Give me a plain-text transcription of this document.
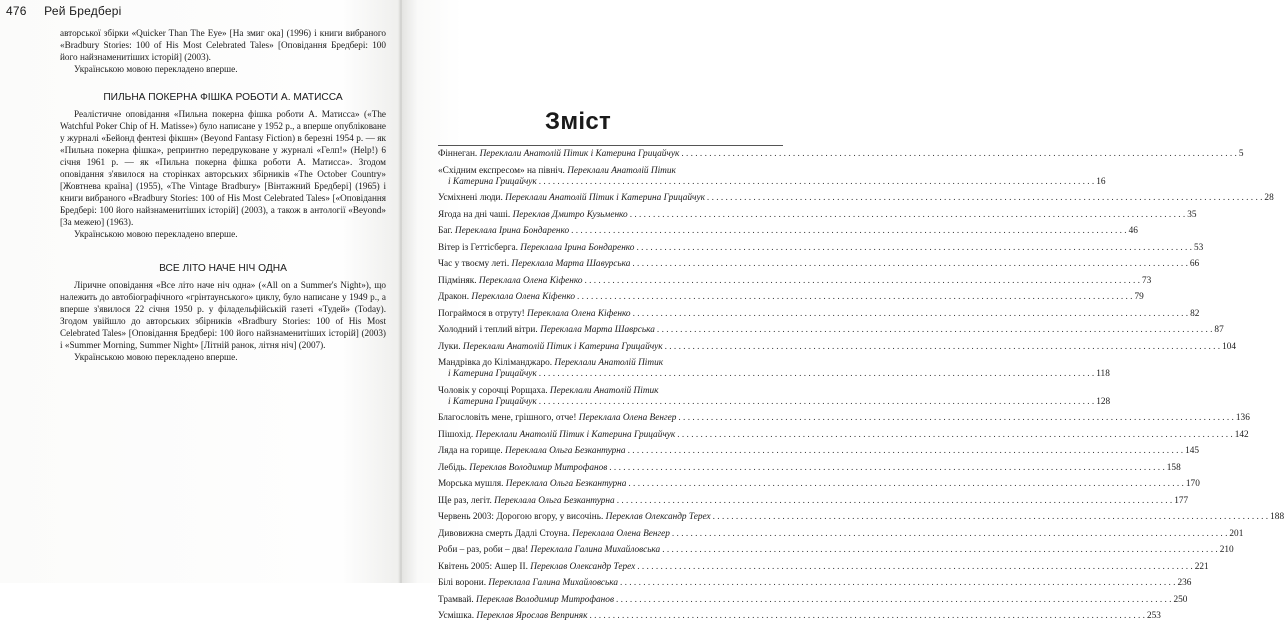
476 Рей Бредбері

авторської збірки «Quicker Than The Eye» [На змиг ока] (1996) і книги вибраного «Bradbury Stories: 100 of His Most Celebrated Tales» [Оповідання Бредбері: 100 його найзнаменитіших історій] (2003).

Українською мовою перекладено вперше.

ПИЛЬНА ПОКЕРНА ФІШКА РОБОТИ А. МАТИССА

Реалістичне оповідання «Пильна покерна фішка роботи А. Матисса» («The Watchful Poker Chip of H. Matisse») було написане у 1952 р., а вперше опубліковане у журналі «Бейонд фентезі фікшн» (Beyond Fantasy Fiction) в березні 1954 р. — як «Пильна покерна фішка», репринтно передруковане у журналі «Гелп!» (Help!) 6 січня 1961 р. — як «Пильна покерна фішка роботи А. Матисса». Згодом оповідання з'явилося на сторінках авторських збірників «The October Country» [Жовтнева країна] (1955), «The Vintage Bradbury» [Вінтажний Бредбері] (1965) і книги вибраного «Bradbury Stories: 100 of His Most Celebrated Tales» [«Оповідання Бредбері: 100 його найзнаменитіших історій] (2003), а також в антології «Beyond» [За межею] (1963).

Українською мовою перекладено вперше.

ВСЕ ЛІТО НАЧЕ НІЧ ОДНА

Ліричне оповідання «Все літо наче ніч одна» («All on a Summer's Night»), що належить до автобіографічного «грінтаунського» циклу, було написане у 1949 р., а вперше з'явилося 22 січня 1950 р. у філадельфійській газеті «Тудей» (Today). Згодом увійшло до авторських збірників «Bradbury Stories: 100 of His Most Celebrated Tales» [Оповідання Бредбері: 100 його найзнаменитіших історій] (2003) і «Summer Morning, Summer Night» [Літній ранок, літня ніч] (2007).

Українською мовою перекладено вперше.

Зміст
Фіннеган. Переклали Анатолій Пітик і Катерина Грицайчук . . . . . . . . . . . . . . . . . . . . . . . . . . . . . . . . . . . . . . . . . . . . . . . . . . . . . . . . . . . . . . . . . . . . . . . . . . . . . . . . . . . . . . . . . . . . . . . . . . . . . . . . . . . . . . . . . . . . . . . . 5
«Східним експресом» на північ. Переклали Анатолій Пітик
і Катерина Грицайчук . . . . . . . . . . . . . . . . . . . . . . . . . . . . . . . . . . . . . . . . . . . . . . . . . . . . . . . . . . . . . . . . . . . . . . . . . . . . . . . . . . . . . . . . . . . . . . . . . . . . . . . . . . . . . . . . . . . . . . . . 16
Усміхнені люди. Переклали Анатолій Пітик і Катерина Грицайчук . . . . . . . . . . . . . . . . . . . . . . . . . . . . . . . . . . . . . . . . . . . . . . . . . . . . . . . . . . . . . . . . . . . . . . . . . . . . . . . . . . . . . . . . . . . . . . . . . . . . . . . . . . . . . . . . . . . . . . . . 28
Ягода на дні чаші. Переклав Дмитро Кузьменко . . . . . . . . . . . . . . . . . . . . . . . . . . . . . . . . . . . . . . . . . . . . . . . . . . . . . . . . . . . . . . . . . . . . . . . . . . . . . . . . . . . . . . . . . . . . . . . . . . . . . . . . . . . . . . . . . . . . . . . . 35
Баг. Переклала Ірина Бондаренко . . . . . . . . . . . . . . . . . . . . . . . . . . . . . . . . . . . . . . . . . . . . . . . . . . . . . . . . . . . . . . . . . . . . . . . . . . . . . . . . . . . . . . . . . . . . . . . . . . . . . . . . . . . . . . . . . . . . . . . . 46
Вітер із Геттісберга. Переклала Ірина Бондаренко . . . . . . . . . . . . . . . . . . . . . . . . . . . . . . . . . . . . . . . . . . . . . . . . . . . . . . . . . . . . . . . . . . . . . . . . . . . . . . . . . . . . . . . . . . . . . . . . . . . . . . . . . . . . . . . . . . . . . . . . 53
Час у твоєму леті. Переклала Марта Шавурська . . . . . . . . . . . . . . . . . . . . . . . . . . . . . . . . . . . . . . . . . . . . . . . . . . . . . . . . . . . . . . . . . . . . . . . . . . . . . . . . . . . . . . . . . . . . . . . . . . . . . . . . . . . . . . . . . . . . . . . . 66
Підміняк. Переклала Олена Кіфенко . . . . . . . . . . . . . . . . . . . . . . . . . . . . . . . . . . . . . . . . . . . . . . . . . . . . . . . . . . . . . . . . . . . . . . . . . . . . . . . . . . . . . . . . . . . . . . . . . . . . . . . . . . . . . . . . . . . . . . . . 73
Дракон. Переклала Олена Кіфенко . . . . . . . . . . . . . . . . . . . . . . . . . . . . . . . . . . . . . . . . . . . . . . . . . . . . . . . . . . . . . . . . . . . . . . . . . . . . . . . . . . . . . . . . . . . . . . . . . . . . . . . . . . . . . . . . . . . . . . . . 79
Пограймося в отруту! Переклала Олена Кіфенко . . . . . . . . . . . . . . . . . . . . . . . . . . . . . . . . . . . . . . . . . . . . . . . . . . . . . . . . . . . . . . . . . . . . . . . . . . . . . . . . . . . . . . . . . . . . . . . . . . . . . . . . . . . . . . . . . . . . . . . . 82
Холодний і теплий вітри. Переклала Марта Шаврська . . . . . . . . . . . . . . . . . . . . . . . . . . . . . . . . . . . . . . . . . . . . . . . . . . . . . . . . . . . . . . . . . . . . . . . . . . . . . . . . . . . . . . . . . . . . . . . . . . . . . . . . . . . . . . . . . . . . . . . . 87
Луки. Переклали Анатолій Пітик і Катерина Грицайчук . . . . . . . . . . . . . . . . . . . . . . . . . . . . . . . . . . . . . . . . . . . . . . . . . . . . . . . . . . . . . . . . . . . . . . . . . . . . . . . . . . . . . . . . . . . . . . . . . . . . . . . . . . . . . . . . . . . . . . . . 104
Мандрівка до Кіліманджаро. Переклали Анатолій Пітик
і Катерина Грицайчук . . . . . . . . . . . . . . . . . . . . . . . . . . . . . . . . . . . . . . . . . . . . . . . . . . . . . . . . . . . . . . . . . . . . . . . . . . . . . . . . . . . . . . . . . . . . . . . . . . . . . . . . . . . . . . . . . . . . . . . . 118
Чоловік у сорочці Рорщаха. Переклали Анатолій Пітик
і Катерина Грицайчук . . . . . . . . . . . . . . . . . . . . . . . . . . . . . . . . . . . . . . . . . . . . . . . . . . . . . . . . . . . . . . . . . . . . . . . . . . . . . . . . . . . . . . . . . . . . . . . . . . . . . . . . . . . . . . . . . . . . . . . . 128
Благословіть мене, грішного, отче! Переклала Олена Венгер . . . . . . . . . . . . . . . . . . . . . . . . . . . . . . . . . . . . . . . . . . . . . . . . . . . . . . . . . . . . . . . . . . . . . . . . . . . . . . . . . . . . . . . . . . . . . . . . . . . . . . . . . . . . . . . . . . . . . . . . 136
Пішохід. Переклали Анатолій Пітик і Катерина Грицайчук . . . . . . . . . . . . . . . . . . . . . . . . . . . . . . . . . . . . . . . . . . . . . . . . . . . . . . . . . . . . . . . . . . . . . . . . . . . . . . . . . . . . . . . . . . . . . . . . . . . . . . . . . . . . . . . . . . . . . . . . 142
Ляда на горище. Переклала Ольга Безкантурна . . . . . . . . . . . . . . . . . . . . . . . . . . . . . . . . . . . . . . . . . . . . . . . . . . . . . . . . . . . . . . . . . . . . . . . . . . . . . . . . . . . . . . . . . . . . . . . . . . . . . . . . . . . . . . . . . . . . . . . . 145
Лебідь. Переклав Володимир Митрофанов . . . . . . . . . . . . . . . . . . . . . . . . . . . . . . . . . . . . . . . . . . . . . . . . . . . . . . . . . . . . . . . . . . . . . . . . . . . . . . . . . . . . . . . . . . . . . . . . . . . . . . . . . . . . . . . . . . . . . . . . 158
Морська мушля. Переклала Ольга Безкантурна . . . . . . . . . . . . . . . . . . . . . . . . . . . . . . . . . . . . . . . . . . . . . . . . . . . . . . . . . . . . . . . . . . . . . . . . . . . . . . . . . . . . . . . . . . . . . . . . . . . . . . . . . . . . . . . . . . . . . . . . 170
Ще раз, легіт. Переклала Ольга Безкантурна . . . . . . . . . . . . . . . . . . . . . . . . . . . . . . . . . . . . . . . . . . . . . . . . . . . . . . . . . . . . . . . . . . . . . . . . . . . . . . . . . . . . . . . . . . . . . . . . . . . . . . . . . . . . . . . . . . . . . . . . 177
Червень 2003: Дорогою вгору, у височінь. Переклав Олександр Терех . . . . . . . . . . . . . . . . . . . . . . . . . . . . . . . . . . . . . . . . . . . . . . . . . . . . . . . . . . . . . . . . . . . . . . . . . . . . . . . . . . . . . . . . . . . . . . . . . . . . . . . . . . . . . . . . . . . . . . . . 188
Дивовижна смерть Дадлі Стоуна. Переклала Олена Венгер . . . . . . . . . . . . . . . . . . . . . . . . . . . . . . . . . . . . . . . . . . . . . . . . . . . . . . . . . . . . . . . . . . . . . . . . . . . . . . . . . . . . . . . . . . . . . . . . . . . . . . . . . . . . . . . . . . . . . . . . 201
Роби – раз, роби – два! Переклала Галина Михайловська . . . . . . . . . . . . . . . . . . . . . . . . . . . . . . . . . . . . . . . . . . . . . . . . . . . . . . . . . . . . . . . . . . . . . . . . . . . . . . . . . . . . . . . . . . . . . . . . . . . . . . . . . . . . . . . . . . . . . . . . 210
Квітень 2005: Ашер II. Переклав Олександр Терех . . . . . . . . . . . . . . . . . . . . . . . . . . . . . . . . . . . . . . . . . . . . . . . . . . . . . . . . . . . . . . . . . . . . . . . . . . . . . . . . . . . . . . . . . . . . . . . . . . . . . . . . . . . . . . . . . . . . . . . . 221
Білі ворони. Переклала Галина Михайловська . . . . . . . . . . . . . . . . . . . . . . . . . . . . . . . . . . . . . . . . . . . . . . . . . . . . . . . . . . . . . . . . . . . . . . . . . . . . . . . . . . . . . . . . . . . . . . . . . . . . . . . . . . . . . . . . . . . . . . . . 236
Трамвай. Переклав Володимир Митрофанов . . . . . . . . . . . . . . . . . . . . . . . . . . . . . . . . . . . . . . . . . . . . . . . . . . . . . . . . . . . . . . . . . . . . . . . . . . . . . . . . . . . . . . . . . . . . . . . . . . . . . . . . . . . . . . . . . . . . . . . . 250
Усмішка. Переклав Ярослав Веприняк . . . . . . . . . . . . . . . . . . . . . . . . . . . . . . . . . . . . . . . . . . . . . . . . . . . . . . . . . . . . . . . . . . . . . . . . . . . . . . . . . . . . . . . . . . . . . . . . . . . . . . . . . . . . . . . . . . . . . . . . 253
